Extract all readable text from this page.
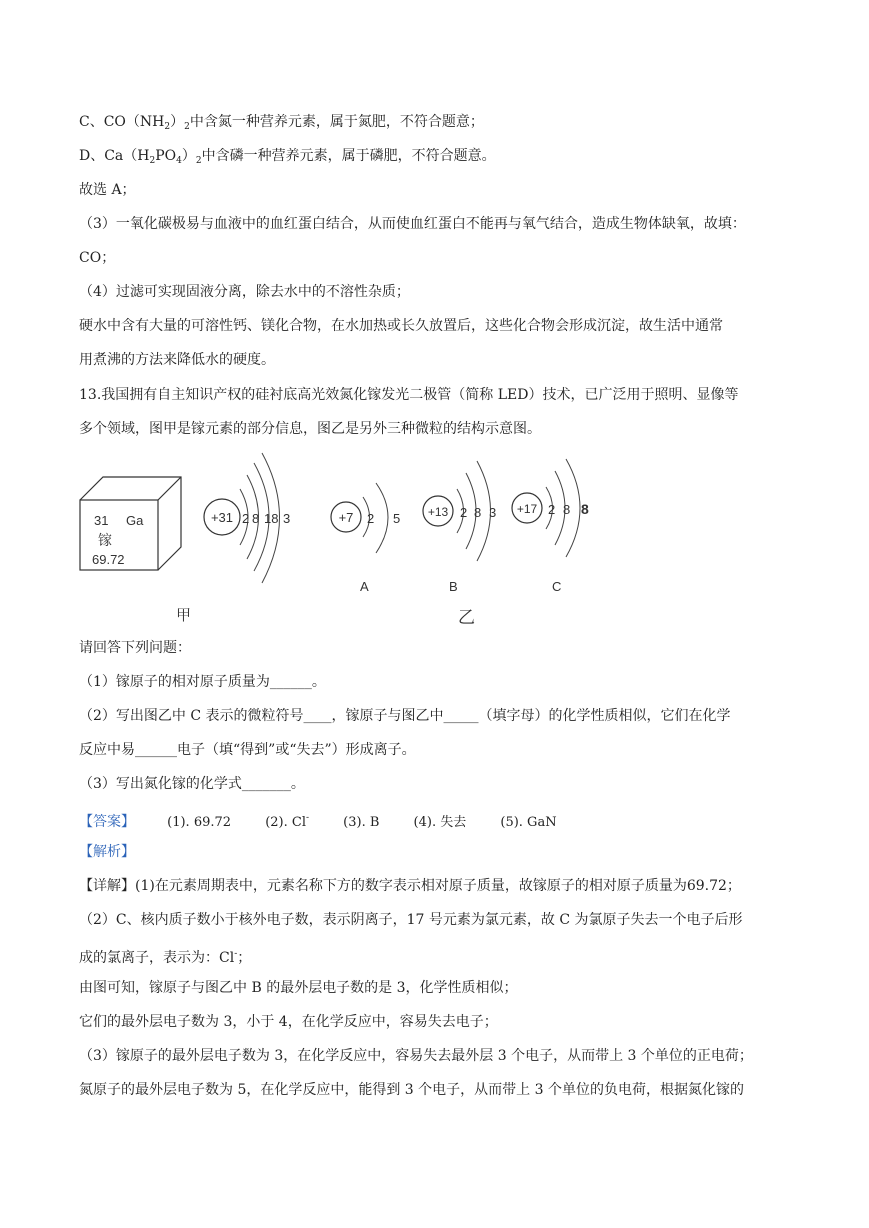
C、$CO(NH_2)_2$中含氮一种营养元素，属于氮肥，不符合题意；
D、$Ca(H_2PO_4)_2$中含磷一种营养元素，属于磷肥，不符合题意。
故选 A；
（3）一氧化碳极易与血液中的血红蛋白结合，从而使血红蛋白不能再与氧气结合，造成生物体缺氧，故填：
CO；
（4）过滤可实现固液分离，除去水中的不溶性杂质；
硬水中含有大量的可溶性钙、镁化合物，在水加热或长久放置后，这些化合物会形成沉淀，故生活中通常
用煮沸的方法来降低水的硬度。
13.我国拥有自主知识产权的硅衬底高光效氮化镓发光二极管（简称 LED）技术，已广泛用于照明、显像等
多个领域，图甲是镓元素的部分信息，图乙是另外三种微粒的结构示意图。
31 Ga
镓
69.72
+31 2 8 18 3	+7 2 5
A
+13 2 8 3
B
+17 2 8 8
C
甲	乙
请回答下列问题：
（1）镓原子的相对原子质量为______。
（2）写出图乙中 C 表示的微粒符号____，镓原子与图乙中_____（填字母）的化学性质相似，它们在化学
反应中易______电子（填“得到”或“失去”）形成离子。
（3）写出氮化镓的化学式_______。
【答案】 (1). 69.72	(2). Cl-	(3). B	(4). 失去	(5). GaN
【解析】
【详解】(1)在元素周期表中，元素名称下方的数字表示相对原子质量，故镓原子的相对原子质量为69.72；
（2）C、核内质子数小于核外电子数，表示阴离子，17 号元素为氯元素，故 C 为氯原子失去一个电子后形
成的氯离子，表示为：Cl-；
由图可知，镓原子与图乙中 B 的最外层电子数的是 3，化学性质相似；
它们的最外层电子数为 3，小于 4，在化学反应中，容易失去电子；
（3）镓原子的最外层电子数为 3，在化学反应中，容易失去最外层 3 个电子，从而带上 3 个单位的正电荷；
氮原子的最外层电子数为 5，在化学反应中，能得到 3 个电子，从而带上 3 个单位的负电荷，根据氮化镓的
